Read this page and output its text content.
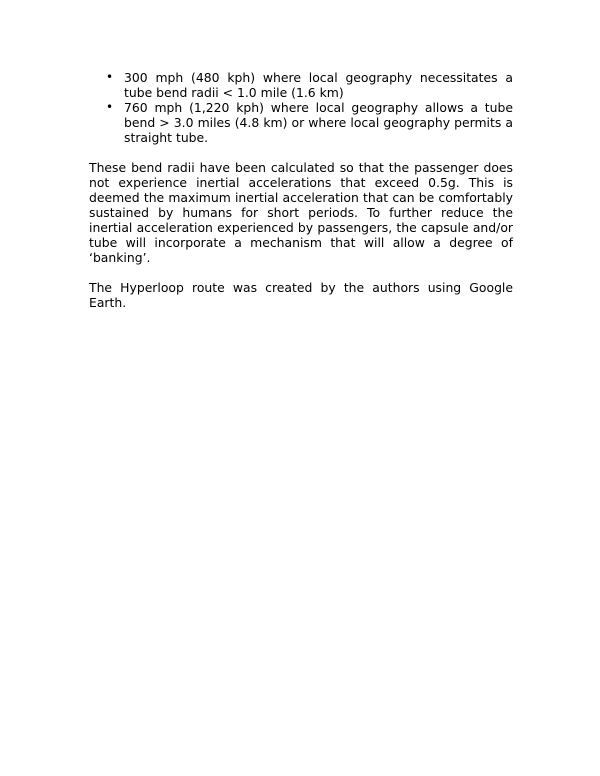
• 300 mph (480 kph) where local geography necessitates a tube bend radii < 1.0 mile (1.6 km)
• 760 mph (1,220 kph) where local geography allows a tube bend > 3.0 miles (4.8 km) or where local geography permits a straight tube.

These bend radii have been calculated so that the passenger does not experience inertial accelerations that exceed 0.5g. This is deemed the maximum inertial acceleration that can be comfortably sustained by humans for short periods. To further reduce the inertial acceleration experienced by passengers, the capsule and/or tube will incorporate a mechanism that will allow a degree of ‘banking’.

The Hyperloop route was created by the authors using Google Earth.
